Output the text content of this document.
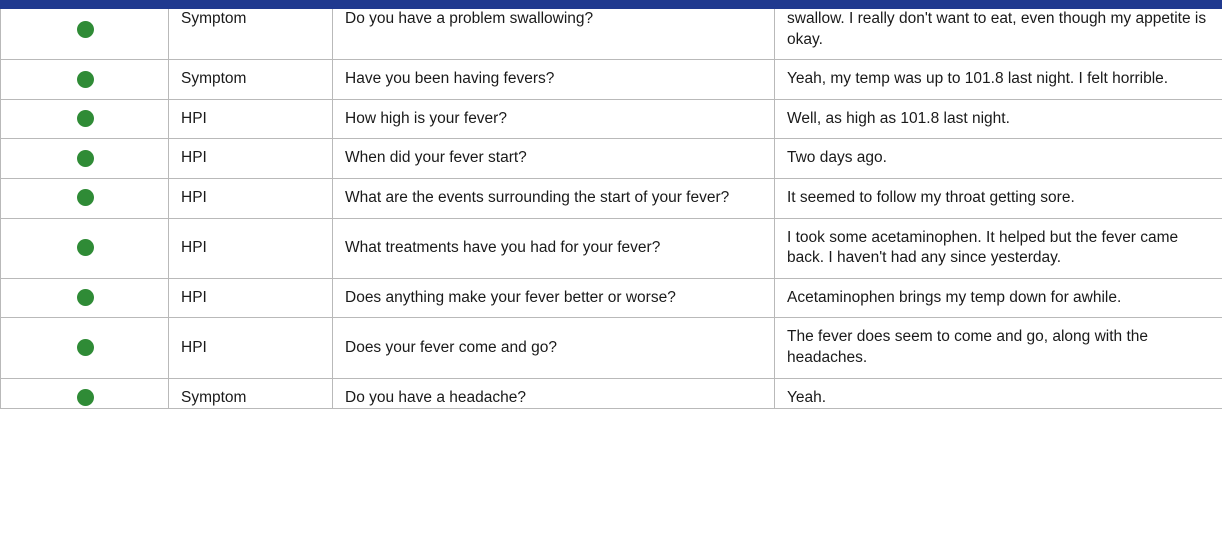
	Symptom	Do you have a problem swallowing?	swallow. I really don't want to eat, even though my appetite is okay.
	Symptom	Have you been having fevers?	Yeah, my temp was up to 101.8 last night. I felt horrible.
	HPI	How high is your fever?	Well, as high as 101.8 last night.
	HPI	When did your fever start?	Two days ago.
	HPI	What are the events surrounding the start of your fever?	It seemed to follow my throat getting sore.
	HPI	What treatments have you had for your fever?	I took some acetaminophen. It helped but the fever came back. I haven't had any since yesterday.
	HPI	Does anything make your fever better or worse?	Acetaminophen brings my temp down for awhile.
	HPI	Does your fever come and go?	The fever does seem to come and go, along with the headaches.
	Symptom	Do you have a headache?	Yeah.
